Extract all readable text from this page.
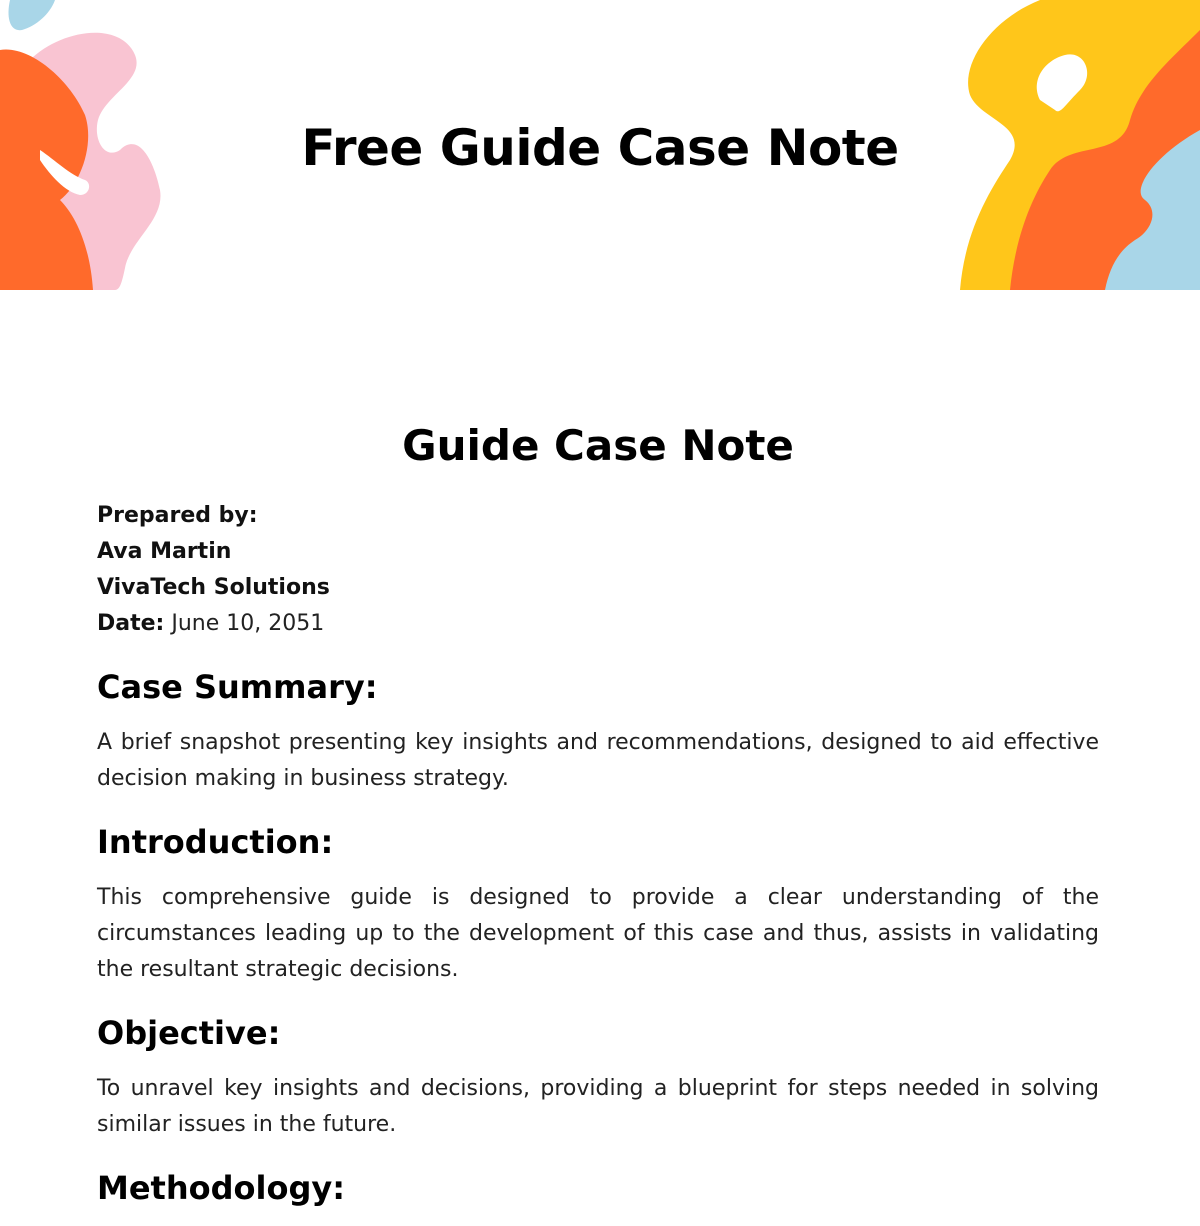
Free Guide Case Note
Guide Case Note
Prepared by:
Ava Martin
VivaTech Solutions
Date: June 10, 2051
Case Summary:

A brief snapshot presenting key insights and recommendations, designed to aid effective decision making in business strategy.

Introduction:

This comprehensive guide is designed to provide a clear understanding of the circumstances leading up to the development of this case and thus, assists in validating the resultant strategic decisions.

Objective:

To unravel key insights and decisions, providing a blueprint for steps needed in solving similar issues in the future.

Methodology:
